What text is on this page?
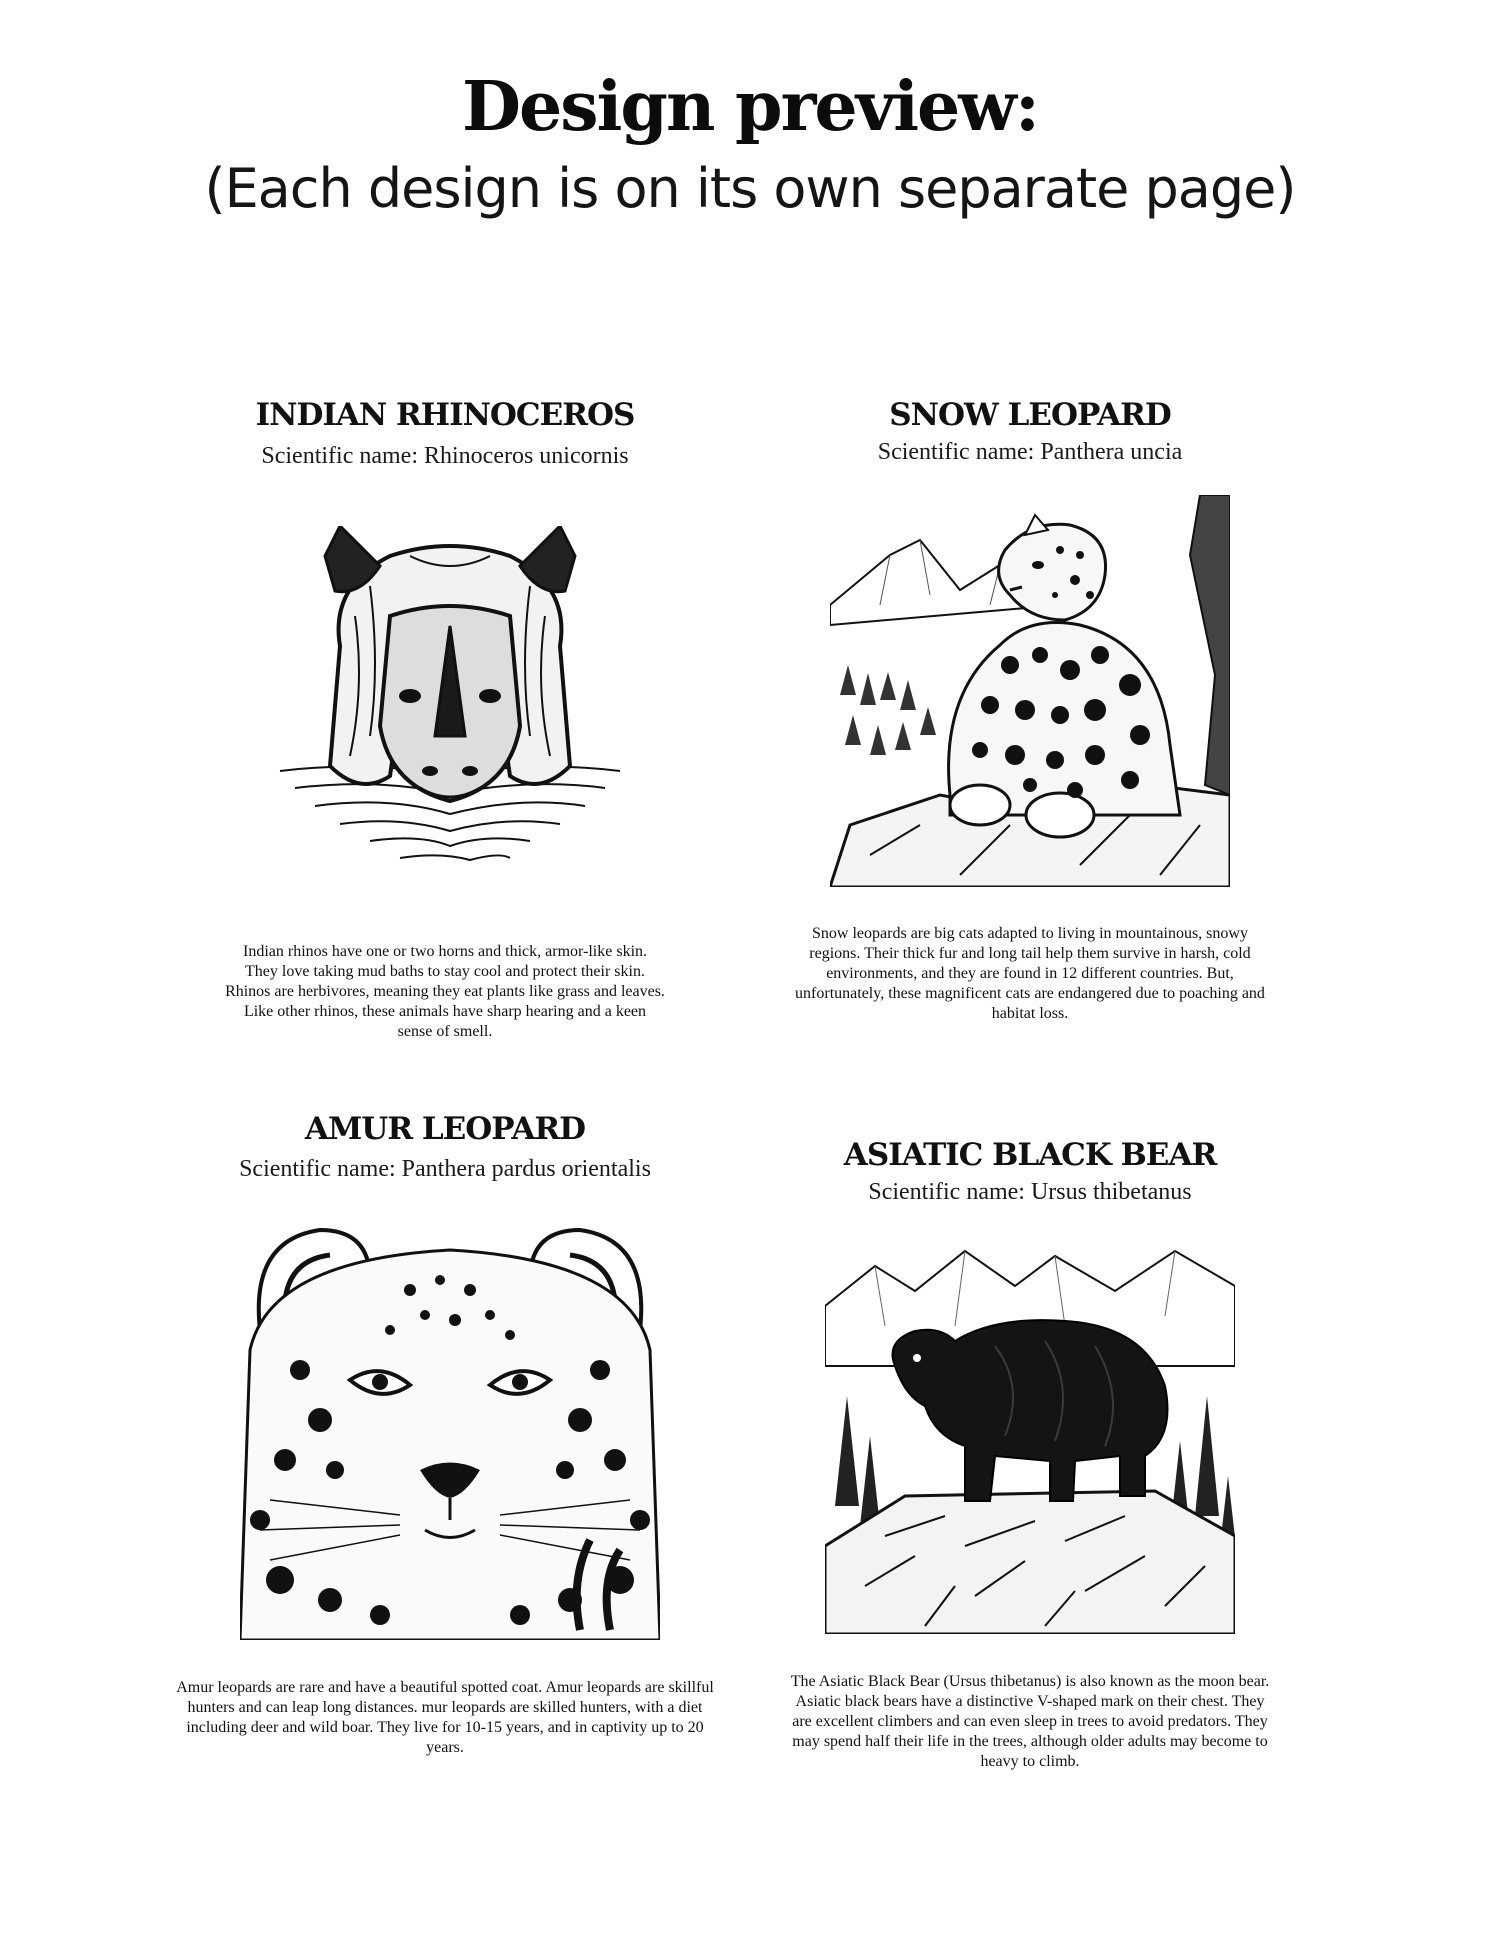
Design preview:
(Each design is on its own separate page)
INDIAN RHINOCEROS

Scientific name: Rhinoceros unicornis

Indian rhinos have one or two horns and thick, armor-like skin. They love taking mud baths to stay cool and protect their skin. Rhinos are herbivores, meaning they eat plants like grass and leaves. Like other rhinos, these animals have sharp hearing and a keen sense of smell.

SNOW LEOPARD

Scientific name: Panthera uncia

Snow leopards are big cats adapted to living in mountainous, snowy regions. Their thick fur and long tail help them survive in harsh, cold environments, and they are found in 12 different countries. But, unfortunately, these magnificent cats are endangered due to poaching and habitat loss.

AMUR LEOPARD

Scientific name: Panthera pardus orientalis

Amur leopards are rare and have a beautiful spotted coat. Amur leopards are skillful hunters and can leap long distances. mur leopards are skilled hunters, with a diet including deer and wild boar. They live for 10-15 years, and in captivity up to 20 years.

ASIATIC BLACK BEAR

Scientific name: Ursus thibetanus

The Asiatic Black Bear (Ursus thibetanus) is also known as the moon bear. Asiatic black bears have a distinctive V-shaped mark on their chest. They are excellent climbers and can even sleep in trees to avoid predators. They may spend half their life in the trees, although older adults may become to heavy to climb.
